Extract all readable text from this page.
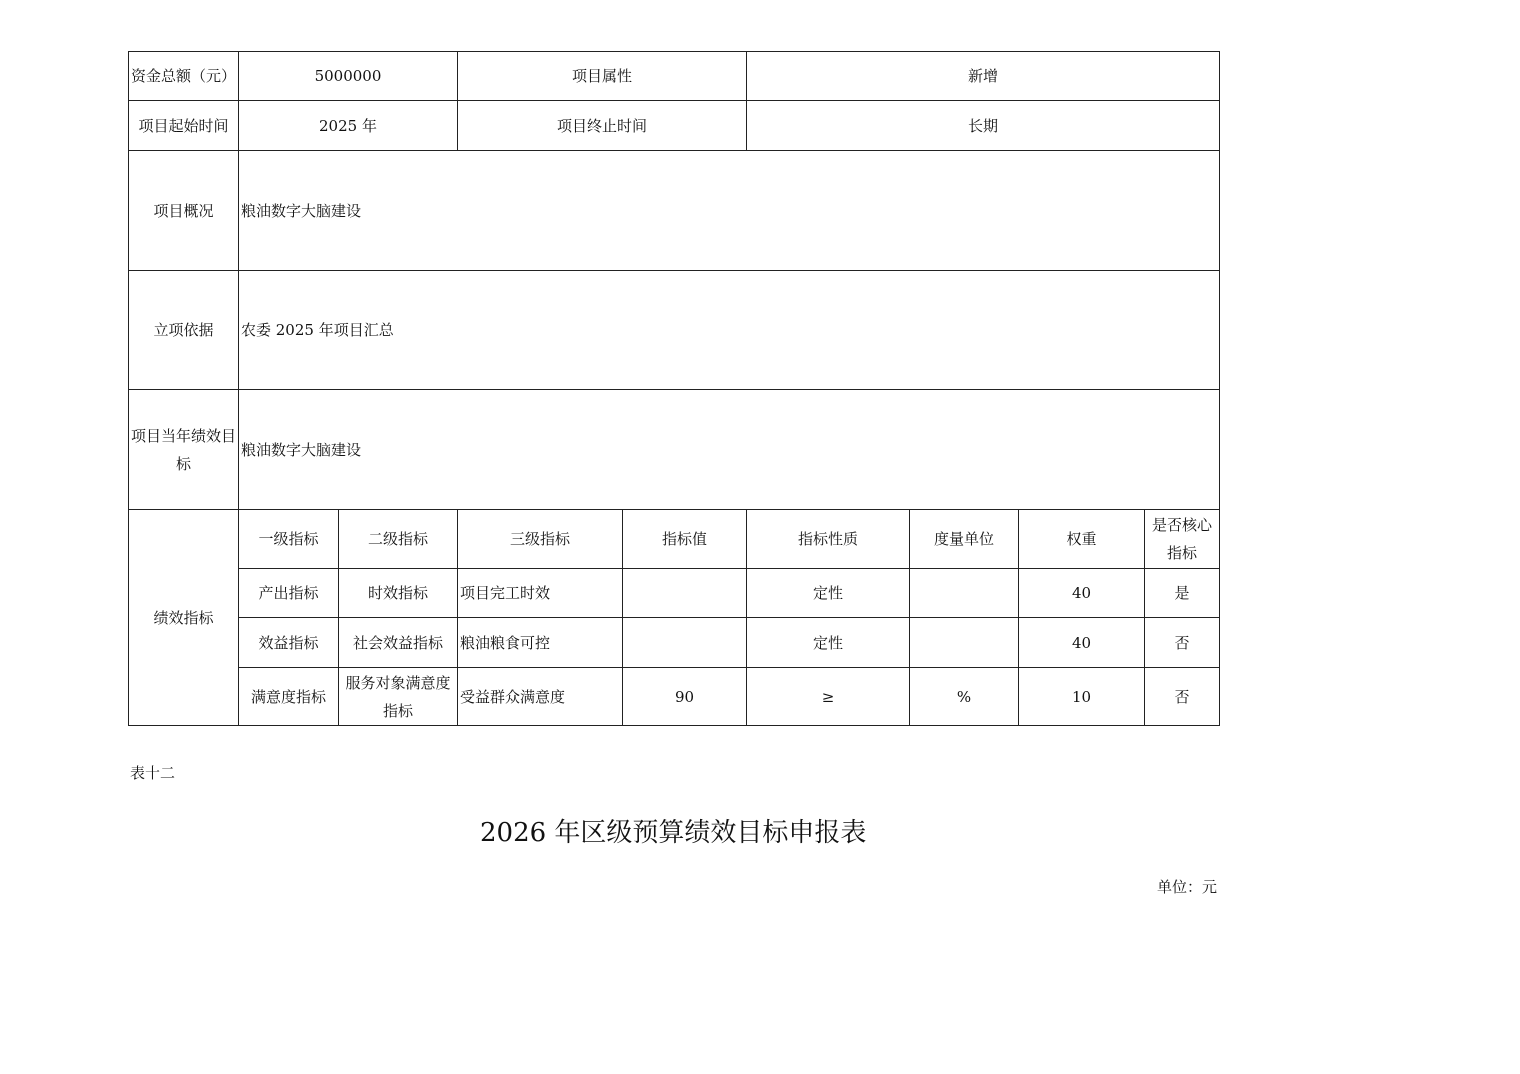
资金总额（元）	5000000		项目属性		新增			
项目起始时间	2025 年		项目终止时间		长期			
项目概况	粮油数字大脑建设							
立项依据	农委 2025 年项目汇总							
项目当年绩效目标	粮油数字大脑建设							
绩效指标	一级指标	二级指标	三级指标	指标值	指标性质	度量单位	权重	是否核心指标
	产出指标	时效指标	项目完工时效		定性		40	是
	效益指标	社会效益指标	粮油粮食可控		定性		40	否
	满意度指标	服务对象满意度指标	受益群众满意度	90	≥	%	10	否
表十二
2026 年区级预算绩效目标申报表
单位：元
